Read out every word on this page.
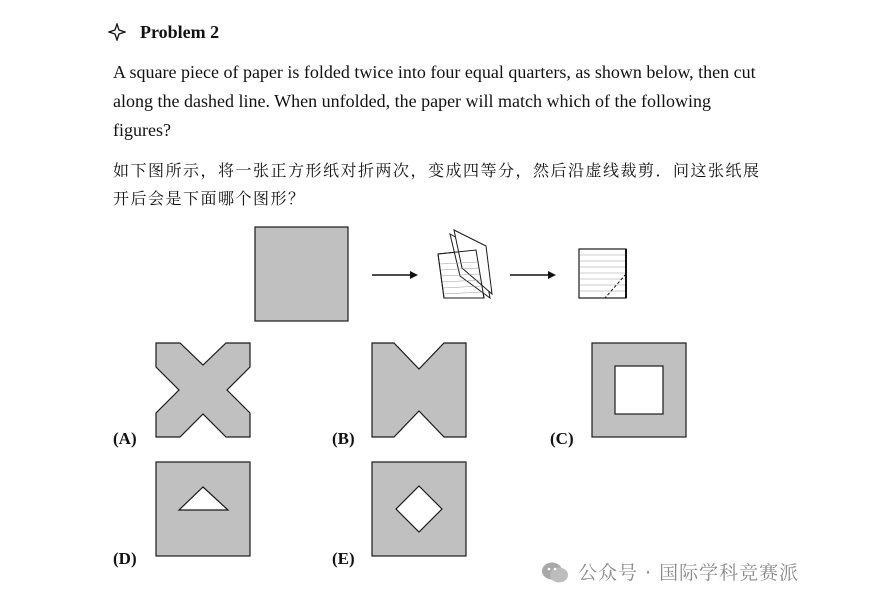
Problem 2

A square piece of paper is folded twice into four equal quarters, as shown below, then cut along the dashed line. When unfolded, the paper will match which of the following figures?

如下图所示，将一张正方形纸对折两次，变成四等分，然后沿虚线裁剪．问这张纸展开后会是下面哪个图形？

(A)	(B)	(C)
(D)	(E)
公众号 · 国际学科竞赛派
